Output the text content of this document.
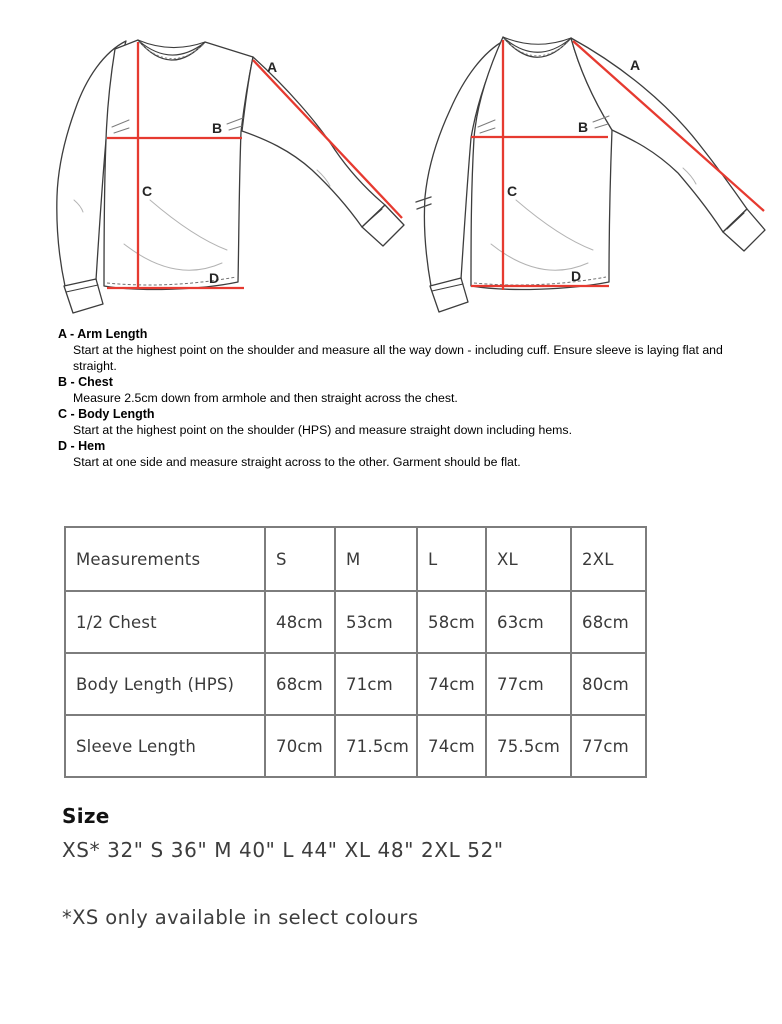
A
B
C
D
A
B
C
D
A - Arm Length
Start at the highest point on the shoulder and measure all the way down - including cuff. Ensure sleeve is laying flat and straight.
B - Chest
Measure 2.5cm down from armhole and then straight across the chest.
C - Body Length
Start at the highest point on the shoulder (HPS) and measure straight down including hems.
D - Hem
Start at one side and measure straight across to the other. Garment should be flat.
Measurements	S	M	L	XL	2XL
1/2 Chest	48cm	53cm	58cm	63cm	68cm
Body Length (HPS)	68cm	71cm	74cm	77cm	80cm
Sleeve Length	70cm	71.5cm	74cm	75.5cm	77cm
Size
XS* 32" S 36" M 40" L 44" XL 48" 2XL 52"
*XS only available in select colours
